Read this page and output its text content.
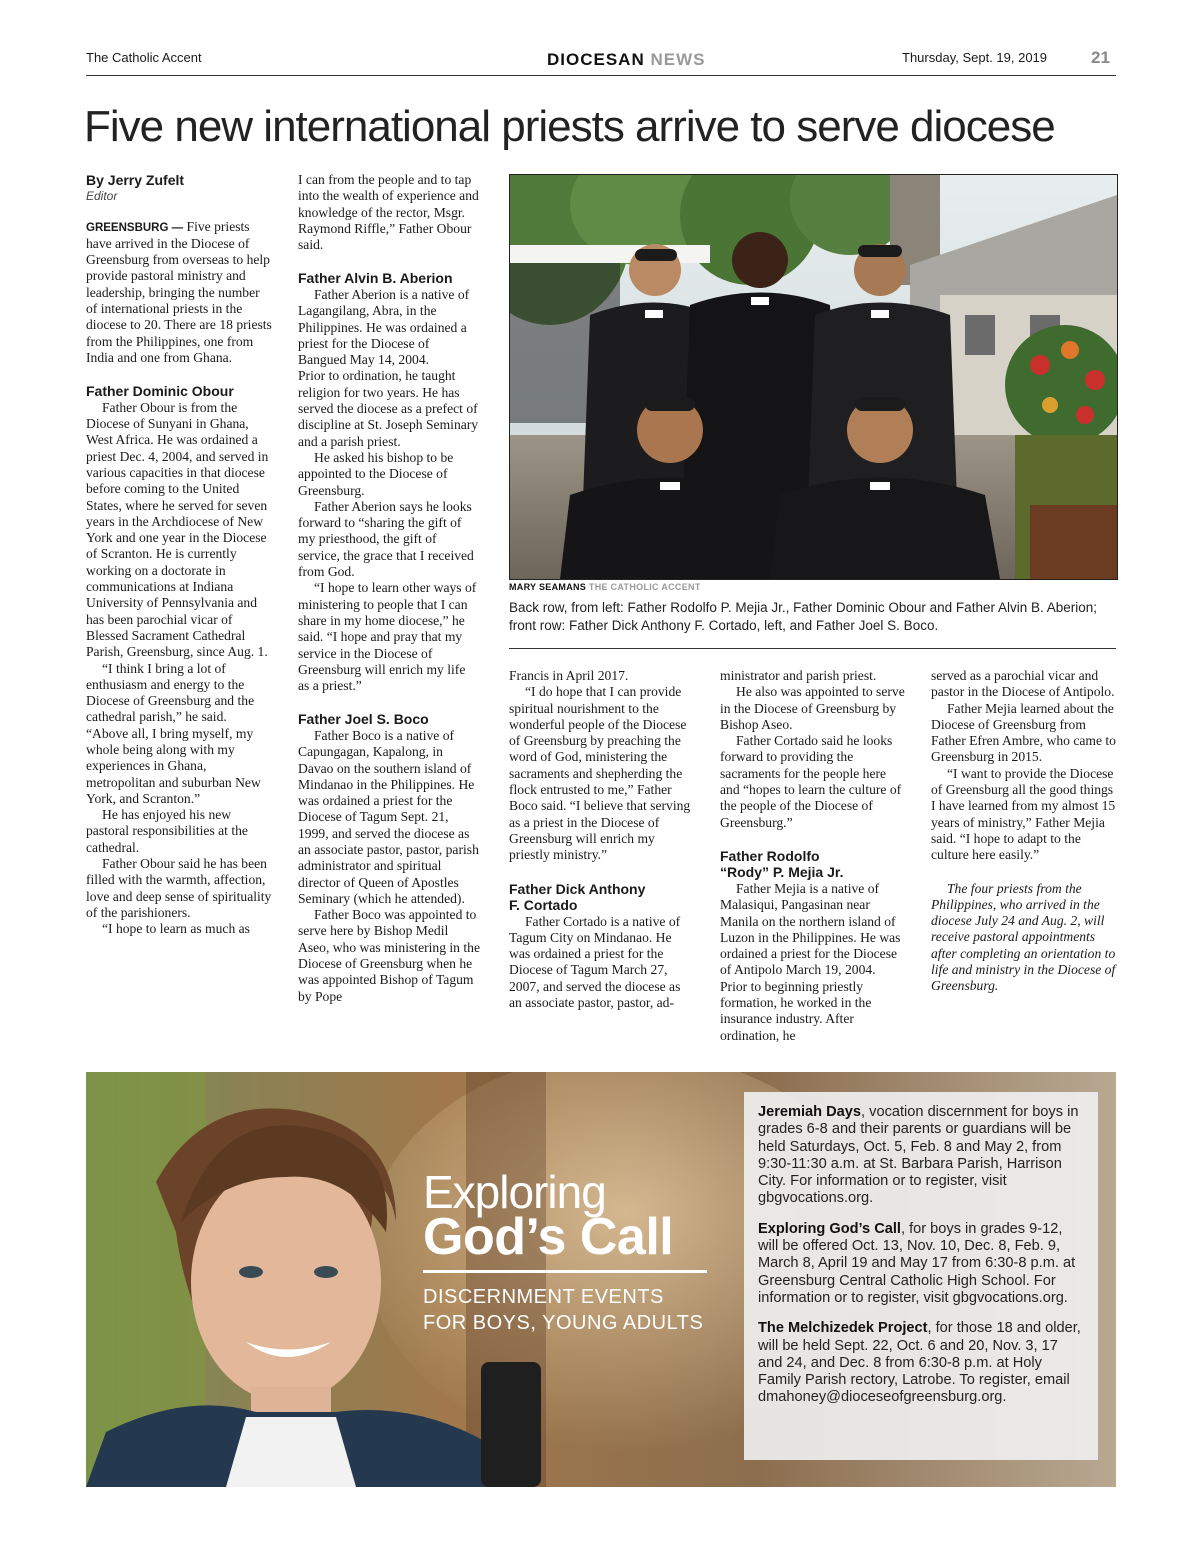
The Catholic Accent	DIOCESAN NEWS	Thursday, Sept. 19, 2019	21
Five new international priests arrive to serve diocese
By Jerry Zufelt
Editor

GREENSBURG — Five priests have arrived in the Diocese of Greensburg from overseas to help provide pastoral ministry and leadership, bringing the number of international priests in the diocese to 20. There are 18 priests from the Philippines, one from India and one from Ghana.

Father Dominic Obour

Father Obour is from the Diocese of Sunyani in Ghana, West Africa. He was ordained a priest Dec. 4, 2004, and served in various capacities in that diocese before coming to the United States, where he served for seven years in the Archdiocese of New York and one year in the Diocese of Scranton. He is currently working on a doctorate in communications at Indiana University of Pennsylvania and has been parochial vicar of Blessed Sacrament Cathedral Parish, Greensburg, since Aug. 1.

“I think I bring a lot of enthusiasm and energy to the Diocese of Greensburg and the cathedral parish,” he said. “Above all, I bring myself, my whole being along with my experiences in Ghana, metropolitan and suburban New York, and Scranton.”

He has enjoyed his new pastoral responsibilities at the cathedral.

Father Obour said he has been filled with the warmth, affection, love and deep sense of spirituality of the parishioners.

“I hope to learn as much as

I can from the people and to tap into the wealth of experience and knowledge of the rector, Msgr. Raymond Riffle,” Father Obour said.

Father Alvin B. Aberion

Father Aberion is a native of Lagangilang, Abra, in the Philippines. He was ordained a priest for the Diocese of Bangued May 14, 2004.

Prior to ordination, he taught religion for two years. He has served the diocese as a prefect of discipline at St. Joseph Seminary and a parish priest.

He asked his bishop to be appointed to the Diocese of Greensburg.

Father Aberion says he looks forward to “sharing the gift of my priesthood, the gift of service, the grace that I received from God.

“I hope to learn other ways of ministering to people that I can share in my home diocese,” he said. “I hope and pray that my service in the Diocese of Greensburg will enrich my life as a priest.”

Father Joel S. Boco

Father Boco is a native of Capungagan, Kapalong, in Davao on the southern island of Mindanao in the Philippines. He was ordained a priest for the Diocese of Tagum Sept. 21, 1999, and served the diocese as an associate pastor, pastor, parish administrator and spiritual director of Queen of Apostles Seminary (which he attended).

Father Boco was appointed to serve here by Bishop Medil Aseo, who was ministering in the Diocese of Greensburg when he was appointed Bishop of Tagum by Pope

MARY SEAMANS THE CATHOLIC ACCENT
Back row, from left: Father Rodolfo P. Mejia Jr., Father Dominic Obour and Father Alvin B. Aberion; front row: Father Dick Anthony F. Cortado, left, and Father Joel S. Boco.

Francis in April 2017.

“I do hope that I can provide spiritual nourishment to the wonderful people of the Diocese of Greensburg by preaching the word of God, ministering the sacraments and shepherding the flock entrusted to me,” Father Boco said. “I believe that serving as a priest in the Diocese of Greensburg will enrich my priestly ministry.”

Father Dick Anthony
F. Cortado

Father Cortado is a native of Tagum City on Mindanao. He was ordained a priest for the Diocese of Tagum March 27, 2007, and served the diocese as an associate pastor, pastor, ad-

ministrator and parish priest.

He also was appointed to serve in the Diocese of Greensburg by Bishop Aseo.

Father Cortado said he looks forward to providing the sacraments for the people here and “hopes to learn the culture of the people of the Diocese of Greensburg.”

Father Rodolfo
“Rody” P. Mejia Jr.

Father Mejia is a native of Malasiqui, Pangasinan near Manila on the northern island of Luzon in the Philippines. He was ordained a priest for the Diocese of Antipolo March 19, 2004. Prior to beginning priestly formation, he worked in the insurance industry. After ordination, he

served as a parochial vicar and pastor in the Diocese of Antipolo.

Father Mejia learned about the Diocese of Greensburg from Father Efren Ambre, who came to Greensburg in 2015.

“I want to provide the Diocese of Greensburg all the good things I have learned from my almost 15 years of ministry,” Father Mejia said. “I hope to adapt to the culture here easily.”

The four priests from the Philippines, who arrived in the diocese July 24 and Aug. 2, will receive pastoral appointments after completing an orientation to life and ministry in the Diocese of Greensburg.

Exploring
God’s Call
DISCERNMENT EVENTS
FOR BOYS, YOUNG ADULTS

Jeremiah Days, vocation discernment for boys in grades 6-8 and their parents or guardians will be held Saturdays, Oct. 5, Feb. 8 and May 2, from 9:30-11:30 a.m. at St. Barbara Parish, Harrison City. For information or to register, visit gbgvocations.org.

Exploring God’s Call, for boys in grades 9-12, will be offered Oct. 13, Nov. 10, Dec. 8, Feb. 9, March 8, April 19 and May 17 from 6:30-8 p.m. at Greensburg Central Catholic High School. For information or to register, visit gbgvocations.org.

The Melchizedek Project, for those 18 and older, will be held Sept. 22, Oct. 6 and 20, Nov. 3, 17 and 24, and Dec. 8 from 6:30-8 p.m. at Holy Family Parish rectory, Latrobe. To register, email dmahoney@dioceseofgreensburg.org.
